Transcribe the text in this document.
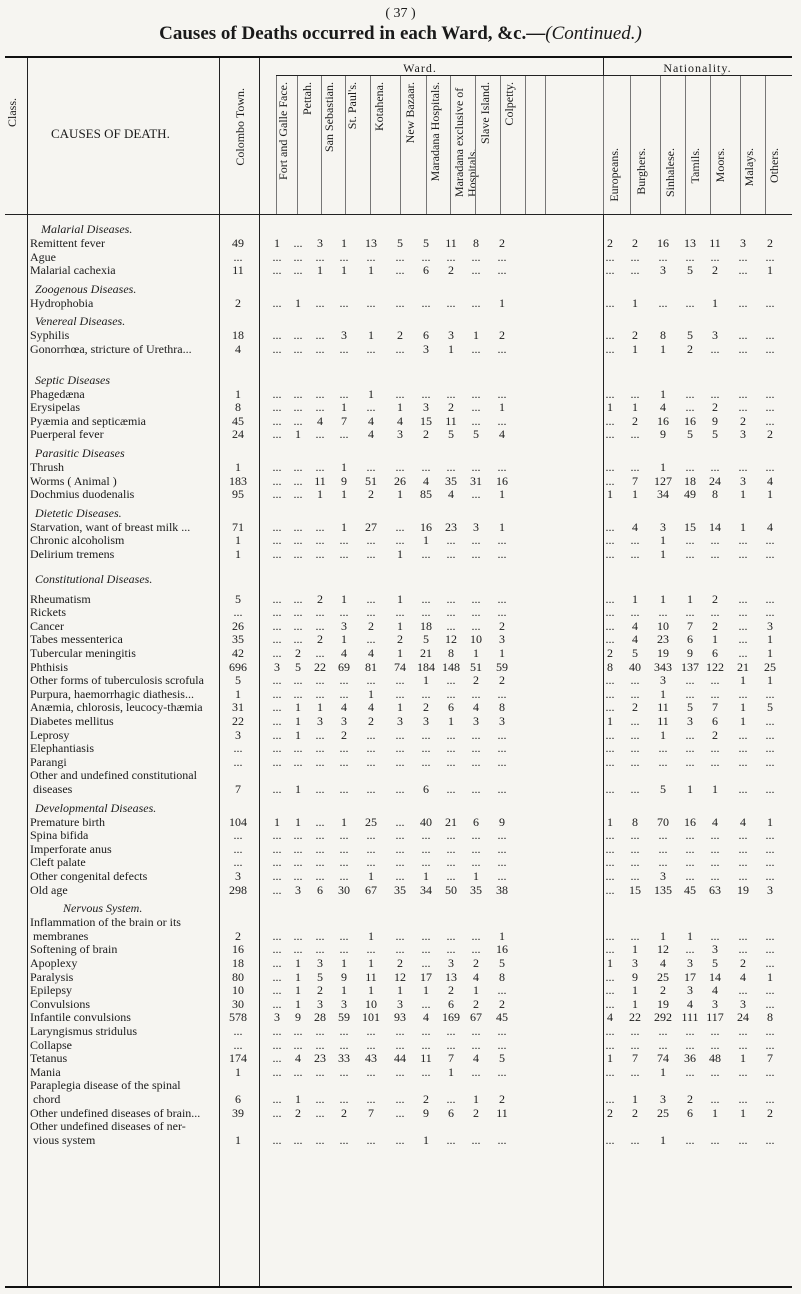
( 37 )
Causes of Deaths occurred in each Ward, &c.—(Continued.)
Class.
CAUSES OF DEATH.
Ward.	Nationality.
Colombo Town. Fort and Galle Face. Pettah. San Sebastian. St. Paul's. Kotahena. New Bazaar. Maradana Hospitals. Maradana exclusive of Hospitals.
Slave Island. Colpetty.
Europeans. Burghers. Sinhalese. Tamils. Moors. Malays. Others.
Malarial Diseases.
Remittent fever	49	1	...	3	1	13	5	5	11	8	2	2	2	16	13	11	3	2
Ague	...	...	...	...	...	...	...	...	...	...	...	...	...	...	...	...	...	...
Malarial cachexia	11	...	...	1	1	1	...	6	2	...	...	...	...	3	5	2	...	1
Zoogenous Diseases.
Hydrophobia	2	...	1	...	...	...	...	...	...	...	1	...	1	...	...	1	...	...
Venereal Diseases.
Syphilis	18	...	...	...	3	1	2	6	3	1	2	...	2	8	5	3	...	...
Gonorrhœa, stricture of Urethra...	4	...	...	...	...	...	...	3	1	...	...	...	1	1	2	...	...	...
Septic Diseases
Phagedæna	1	...	...	...	...	1	...	...	...	...	...	...	...	1	...	...	...	...
Erysipelas	8	...	...	...	1	...	1	3	2	...	1	1	1	4	...	2	...	...
Pyæmia and septicæmia	45	...	...	4	7	4	4	15	11	...	...	...	2	16	16	9	2	...
Puerperal fever	24	...	1	...	...	4	3	2	5	5	4	...	...	9	5	5	3	2
Parasitic Diseases
Thrush	1	...	...	...	1	...	...	...	...	...	...	...	...	1	...	...	...	...
Worms ( Animal )	183	...	... 11	9	51	26	4	35	31	16	...	7	127	18	24	3	4
Dochmius duodenalis	95	...	...	1	1	2	1	85	4	...	1	1	1	34	49	8	1	1
Dietetic Diseases.
Starvation, want of breast milk ...	71	...	...	...	1	27	...	16	23	3	1	...	4	3	15	14	1	4
Chronic alcoholism	1	...	...	...	...	...	...	1	...	...	...	...	...	1	...	...	...	...
Delirium tremens	1	...	...	...	...	...	1	...	...	...	...	...	...	1	...	...	...	...
Constitutional Diseases.
Rheumatism	5	...	...	2	1	...	1	...	...	...	...	...	1	1	1	2	...	...
Rickets	...	...	...	...	...	...	...	...	...	...	...	...	...	...	...	...	...	...
Cancer	26	...	...	...	3	2	1	18	...	...	2	...	4	10	7	2	...	3
Tabes messenterica	35	...	...	2	1	...	2	5	12	10	3	...	4	23	6	1	...	1
Tubercular meningitis	42	...	2	...	4	4	1	21	8	1	1	2	5	19	9	6	...	1
Phthisis	696	3	5	22	69	81	74 184 148 51	59	8	40	343 137 122	21	25
Other forms of tuberculosis scrofula	5	...	...	...	...	...	...	1	...	2	2	...	...	3	...	...	1	1
Purpura, haemorrhagic diathesis...	1	...	...	...	...	1	...	...	...	...	...	...	...	1	...	...	...	...
Anæmia, chlorosis, leucocy-thæmia	31	...	1	1	4	4	1	2	6	4	8	...	2	11	5	7	1	5
Diabetes mellitus	22	...	1	3	3	2	3	3	1	3	3	1	...	11	3	6	1	...
Leprosy	3	...	1	...	2	...	...	...	...	...	...	...	...	1	...	2	...	...
Elephantiasis	...	...	...	...	...	...	...	...	...	...	...	...	...	...	...	...	...	...
Parangi	...	...	...	...	...	...	...	...	...	...	...	...	...	...	...	...	...	...
Other and undefined constitutional
diseases	7	...	1	...	...	...	...	6	...	...	...	...	...	5	1	1	...	...
Developmental Diseases.
Premature birth	104	1	1	...	1	25	...	40	21	6	9	1	8	70	16	4	4	1
Spina bifida	...	...	...	...	...	...	...	...	...	...	...	...	...	...	...	...	...	...
Imperforate anus	...	...	...	...	...	...	...	...	...	...	...	...	...	...	...	...	...	...
Cleft palate	...	...	...	...	...	...	...	...	...	...	...	...	...	...	...	...	...	...
Other congenital defects	3	...	...	...	...	1	...	1	...	1	...	...	...	3	...	...	...	...
Old age	298	...	3	6	30	67	35	34	50	35	38	...	15	135	45	63	19	3
Nervous System.
Inflammation of the brain or its
membranes	2	...	...	...	...	1	...	...	...	...	1	...	...	1	1	...	...	...
Softening of brain	16	...	...	...	...	...	...	...	...	...	16	...	1	12	...	3	...	...
Apoplexy	18	...	1	3	1	1	2	...	3	2	5	1	3	4	3	5	2	...
Paralysis	80	...	1	5	9	11	12	17	13	4	8	...	9	25	17	14	4	1
Epilepsy	10	...	1	2	1	1	1	1	2	1	...	...	1	2	3	4	...	...
Convulsions	30	...	1	3	3	10	3	...	6	2	2	...	1	19	4	3	3	...
Infantile convulsions	578	3	9	28	59	101	93	4	169 67	45	4	22	292 111 117	24	8
Laryngismus stridulus	...	...	...	...	...	...	...	...	...	...	...	...	...	...	...	...	...	...
Collapse	...	...	...	...	...	...	...	...	...	...	...	...	...	...	...	...	...	...
Tetanus	174	...	4	23	33	43	44	11	7	4	5	1	7	74	36	48	1	7
Mania	1	...	...	...	...	...	...	...	1	...	...	...	...	1	...	...	...	...
Paraplegia disease of the spinal
chord	6	...	1	...	...	...	...	2	...	1	2	...	1	3	2	...	...	...
Other undefined diseases of brain...	39	...	2	...	2	7	...	9	6	2	11	2	2	25	6	1	1	2
Other undefined diseases of ner-
vious system	1	...	...	...	...	...	...	1	...	...	...	...	...	1	...	...	...	...
